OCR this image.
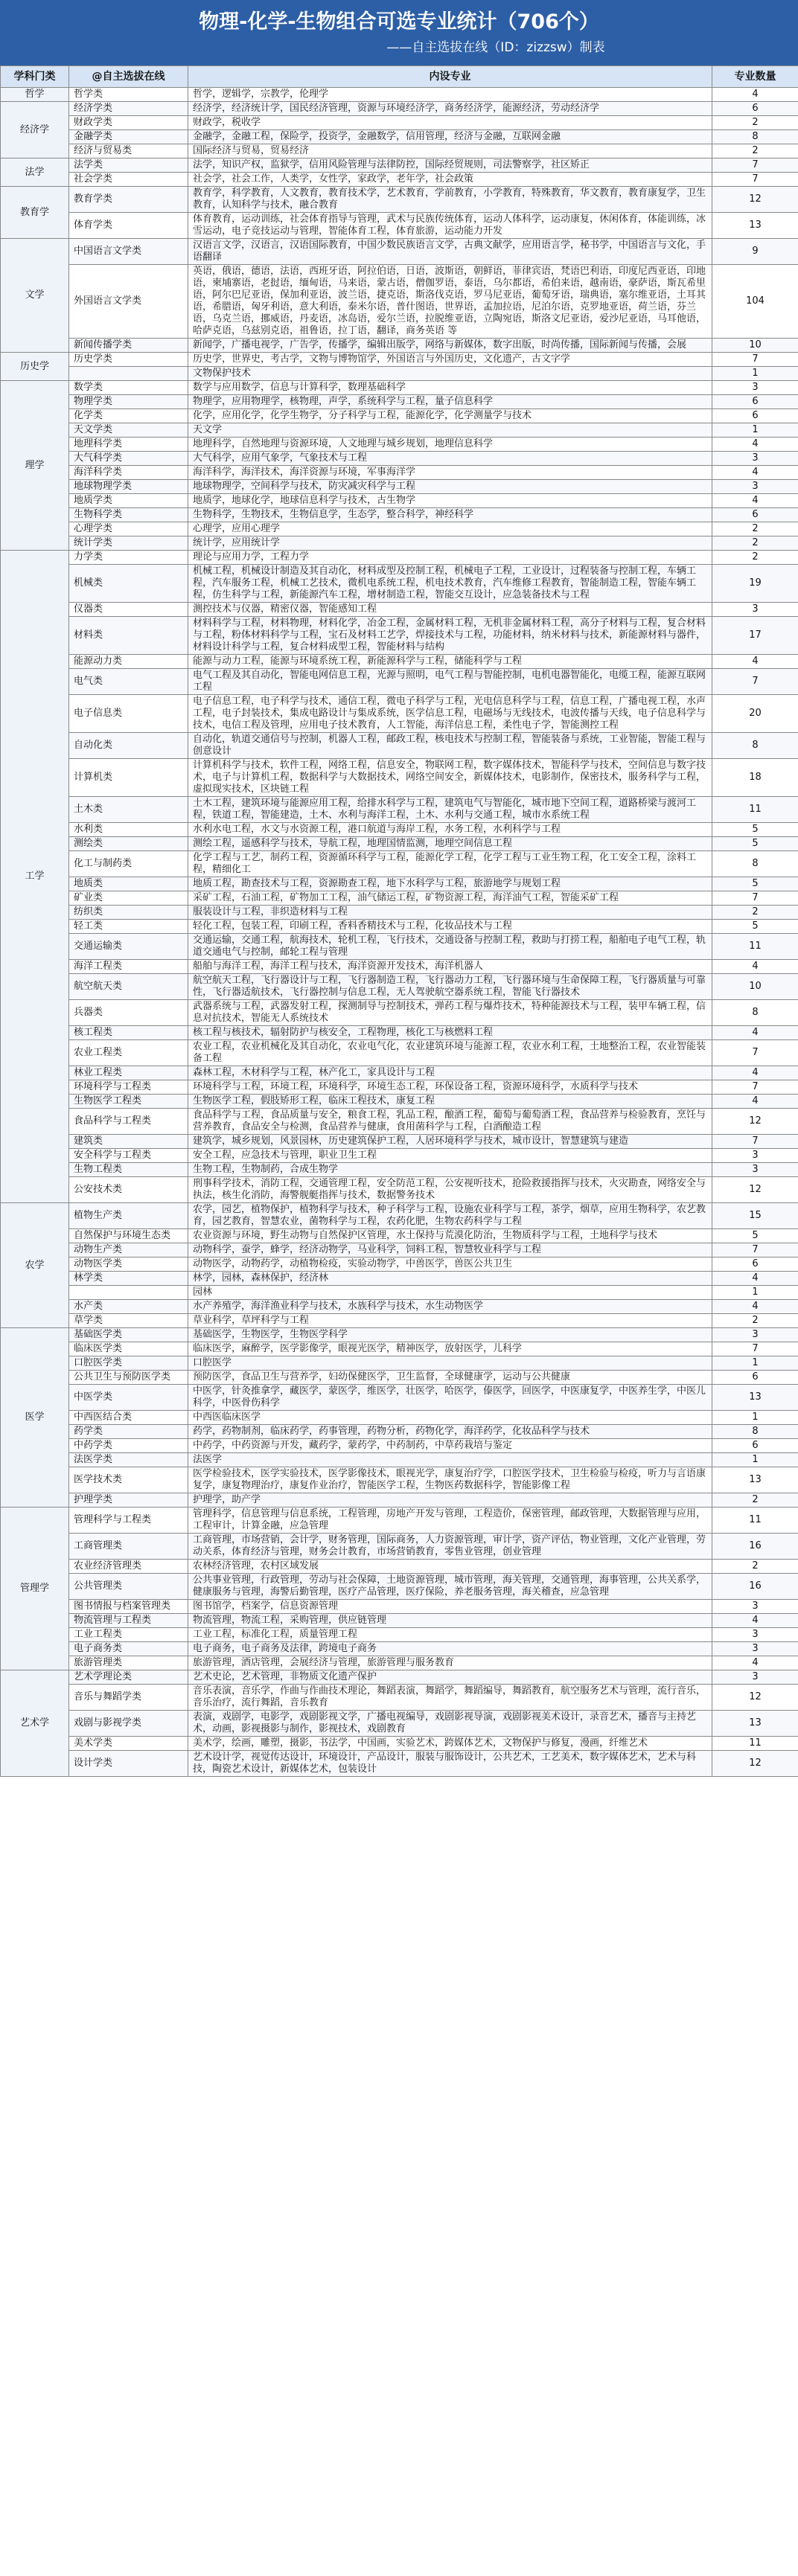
物理-化学-生物组合可选专业统计（706个）
——自主选拔在线（ID：zizzsw）制表
学科门类	@自主选拔在线	内设专业	专业数量
哲学	哲学类	哲学，逻辑学，宗教学，伦理学	4
经济学	经济学类	经济学，经济统计学，国民经济管理，资源与环境经济学，商务经济学，能源经济，劳动经济学	6
	财政学类	财政学，税收学	2
	金融学类	金融学，金融工程，保险学，投资学，金融数学，信用管理，经济与金融，互联网金融	8
	经济与贸易类	国际经济与贸易，贸易经济	2
法学	法学类	法学，知识产权，监狱学，信用风险管理与法律防控，国际经贸规则，司法警察学，社区矫正	7
	社会学类	社会学，社会工作，人类学，女性学，家政学，老年学，社会政策	7
教育学	教育学类	教育学，科学教育，人文教育，教育技术学，艺术教育，学前教育，小学教育，特殊教育，华文教育，教育康复学，卫生教育，认知科学与技术，融合教育	12
	体育学类	体育教育，运动训练，社会体育指导与管理，武术与民族传统体育，运动人体科学，运动康复，休闲体育，体能训练，冰雪运动，电子竞技运动与管理，智能体育工程，体育旅游，运动能力开发	13
文学	中国语言文学类	汉语言文学，汉语言，汉语国际教育，中国少数民族语言文学，古典文献学，应用语言学，秘书学，中国语言与文化，手语翻译	9
	外国语言文学类	英语，俄语，德语，法语，西班牙语，阿拉伯语，日语，波斯语，朝鲜语，菲律宾语，梵语巴利语，印度尼西亚语，印地语，柬埔寨语，老挝语，缅甸语，马来语，蒙古语，僧伽罗语，泰语，乌尔都语，希伯来语，越南语，豪萨语，斯瓦希里语，阿尔巴尼亚语，保加利亚语，波兰语，捷克语，斯洛伐克语，罗马尼亚语，葡萄牙语，瑞典语，塞尔维亚语，土耳其语，希腊语，匈牙利语，意大利语，泰米尔语，普什图语，世界语，孟加拉语，尼泊尔语，克罗地亚语，荷兰语，芬兰语，乌克兰语，挪威语，丹麦语，冰岛语，爱尔兰语，拉脱维亚语，立陶宛语，斯洛文尼亚语，爱沙尼亚语，马耳他语，哈萨克语，乌兹别克语，祖鲁语，拉丁语，翻译，商务英语 等	104
	新闻传播学类	新闻学，广播电视学，广告学，传播学，编辑出版学，网络与新媒体，数字出版，时尚传播，国际新闻与传播，会展	10
历史学	历史学类	历史学，世界史，考古学，文物与博物馆学，外国语言与外国历史，文化遗产，古文字学	7
		文物保护技术	1
理学	数学类	数学与应用数学，信息与计算科学，数理基础科学	3
	物理学类	物理学，应用物理学，核物理，声学，系统科学与工程，量子信息科学	6
	化学类	化学，应用化学，化学生物学，分子科学与工程，能源化学，化学测量学与技术	6
	天文学类	天文学	1
	地理科学类	地理科学，自然地理与资源环境，人文地理与城乡规划，地理信息科学	4
	大气科学类	大气科学，应用气象学，气象技术与工程	3
	海洋科学类	海洋科学，海洋技术，海洋资源与环境，军事海洋学	4
	地球物理学类	地球物理学，空间科学与技术，防灾减灾科学与工程	3
	地质学类	地质学，地球化学，地球信息科学与技术，古生物学	4
	生物科学类	生物科学，生物技术，生物信息学，生态学，整合科学，神经科学	6
	心理学类	心理学，应用心理学	2
	统计学类	统计学，应用统计学	2
工学	力学类	理论与应用力学，工程力学	2
	机械类	机械工程，机械设计制造及其自动化，材料成型及控制工程，机械电子工程，工业设计，过程装备与控制工程，车辆工程，汽车服务工程，机械工艺技术，微机电系统工程，机电技术教育，汽车维修工程教育，智能制造工程，智能车辆工程，仿生科学与工程，新能源汽车工程，增材制造工程，智能交互设计，应急装备技术与工程	19
	仪器类	测控技术与仪器，精密仪器，智能感知工程	3
	材料类	材料科学与工程，材料物理，材料化学，冶金工程，金属材料工程，无机非金属材料工程，高分子材料与工程，复合材料与工程，粉体材料科学与工程，宝石及材料工艺学，焊接技术与工程，功能材料，纳米材料与技术，新能源材料与器件，材料设计科学与工程，复合材料成型工程，智能材料与结构	17
	能源动力类	能源与动力工程，能源与环境系统工程，新能源科学与工程，储能科学与工程	4
	电气类	电气工程及其自动化，智能电网信息工程，光源与照明，电气工程与智能控制，电机电器智能化，电缆工程，能源互联网工程	7
	电子信息类	电子信息工程，电子科学与技术，通信工程，微电子科学与工程，光电信息科学与工程，信息工程，广播电视工程，水声工程，电子封装技术，集成电路设计与集成系统，医学信息工程，电磁场与无线技术，电波传播与天线，电子信息科学与技术，电信工程及管理，应用电子技术教育，人工智能，海洋信息工程，柔性电子学，智能测控工程	20
	自动化类	自动化，轨道交通信号与控制，机器人工程，邮政工程，核电技术与控制工程，智能装备与系统，工业智能，智能工程与创意设计	8
	计算机类	计算机科学与技术，软件工程，网络工程，信息安全，物联网工程，数字媒体技术，智能科学与技术，空间信息与数字技术，电子与计算机工程，数据科学与大数据技术，网络空间安全，新媒体技术，电影制作，保密技术，服务科学与工程，虚拟现实技术，区块链工程	18
	土木类	土木工程，建筑环境与能源应用工程，给排水科学与工程，建筑电气与智能化，城市地下空间工程，道路桥梁与渡河工程，铁道工程，智能建造，土木、水利与海洋工程，土木、水利与交通工程，城市水系统工程	11
	水利类	水利水电工程，水文与水资源工程，港口航道与海岸工程，水务工程，水利科学与工程	5
	测绘类	测绘工程，遥感科学与技术，导航工程，地理国情监测，地理空间信息工程	5
	化工与制药类	化学工程与工艺，制药工程，资源循环科学与工程，能源化学工程，化学工程与工业生物工程，化工安全工程，涂料工程，精细化工	8
	地质类	地质工程，勘查技术与工程，资源勘查工程，地下水科学与工程，旅游地学与规划工程	5
	矿业类	采矿工程，石油工程，矿物加工工程，油气储运工程，矿物资源工程，海洋油气工程，智能采矿工程	7
	纺织类	服装设计与工程，非织造材料与工程	2
	轻工类	轻化工程，包装工程，印刷工程，香料香精技术与工程，化妆品技术与工程	5
	交通运输类	交通运输，交通工程，航海技术，轮机工程，飞行技术，交通设备与控制工程，救助与打捞工程，船舶电子电气工程，轨道交通电气与控制，邮轮工程与管理	11
	海洋工程类	船舶与海洋工程，海洋工程与技术，海洋资源开发技术，海洋机器人	4
	航空航天类	航空航天工程，飞行器设计与工程，飞行器制造工程，飞行器动力工程，飞行器环境与生命保障工程，飞行器质量与可靠性，飞行器适航技术，飞行器控制与信息工程，无人驾驶航空器系统工程，智能飞行器技术	10
	兵器类	武器系统与工程，武器发射工程，探测制导与控制技术，弹药工程与爆炸技术，特种能源技术与工程，装甲车辆工程，信息对抗技术，智能无人系统技术	8
	核工程类	核工程与核技术，辐射防护与核安全，工程物理，核化工与核燃料工程	4
	农业工程类	农业工程，农业机械化及其自动化，农业电气化，农业建筑环境与能源工程，农业水利工程，土地整治工程，农业智能装备工程	7
	林业工程类	森林工程，木材科学与工程，林产化工，家具设计与工程	4
	环境科学与工程类	环境科学与工程，环境工程，环境科学，环境生态工程，环保设备工程，资源环境科学，水质科学与技术	7
	生物医学工程类	生物医学工程，假肢矫形工程，临床工程技术，康复工程	4
	食品科学与工程类	食品科学与工程，食品质量与安全，粮食工程，乳品工程，酿酒工程，葡萄与葡萄酒工程，食品营养与检验教育，烹饪与营养教育，食品安全与检测，食品营养与健康，食用菌科学与工程，白酒酿造工程	12
	建筑类	建筑学，城乡规划，风景园林，历史建筑保护工程，人居环境科学与技术，城市设计，智慧建筑与建造	7
	安全科学与工程类	安全工程，应急技术与管理，职业卫生工程	3
	生物工程类	生物工程，生物制药，合成生物学	3
	公安技术类	刑事科学技术，消防工程，交通管理工程，安全防范工程，公安视听技术，抢险救援指挥与技术，火灾勘查，网络安全与执法，核生化消防，海警舰艇指挥与技术，数据警务技术	12
农学	植物生产类	农学，园艺，植物保护，植物科学与技术，种子科学与工程，设施农业科学与工程，茶学，烟草，应用生物科学，农艺教育，园艺教育，智慧农业，菌物科学与工程，农药化肥，生物农药科学与工程	15
	自然保护与环境生态类	农业资源与环境，野生动物与自然保护区管理，水土保持与荒漠化防治，生物质科学与工程，土地科学与技术	5
	动物生产类	动物科学，蚕学，蜂学，经济动物学，马业科学，饲料工程，智慧牧业科学与工程	7
	动物医学类	动物医学，动物药学，动植物检疫，实验动物学，中兽医学，兽医公共卫生	6
	林学类	林学，园林，森林保护，经济林	4
		园林	1
	水产类	水产养殖学，海洋渔业科学与技术，水族科学与技术，水生动物医学	4
	草学类	草业科学，草坪科学与工程	2
医学	基础医学类	基础医学，生物医学，生物医学科学	3
	临床医学类	临床医学，麻醉学，医学影像学，眼视光医学，精神医学，放射医学，儿科学	7
	口腔医学类	口腔医学	1
	公共卫生与预防医学类	预防医学，食品卫生与营养学，妇幼保健医学，卫生监督，全球健康学，运动与公共健康	6
	中医学类	中医学，针灸推拿学，藏医学，蒙医学，维医学，壮医学，哈医学，傣医学，回医学，中医康复学，中医养生学，中医儿科学，中医骨伤科学	13
	中西医结合类	中西医临床医学	1
	药学类	药学，药物制剂，临床药学，药事管理，药物分析，药物化学，海洋药学，化妆品科学与技术	8
	中药学类	中药学，中药资源与开发，藏药学，蒙药学，中药制药，中草药栽培与鉴定	6
	法医学类	法医学	1
	医学技术类	医学检验技术，医学实验技术，医学影像技术，眼视光学，康复治疗学，口腔医学技术，卫生检验与检疫，听力与言语康复学，康复物理治疗，康复作业治疗，智能医学工程，生物医药数据科学，智能影像工程	13
	护理学类	护理学，助产学	2
管理学	管理科学与工程类	管理科学，信息管理与信息系统，工程管理，房地产开发与管理，工程造价，保密管理，邮政管理，大数据管理与应用，工程审计，计算金融，应急管理	11
	工商管理类	工商管理，市场营销，会计学，财务管理，国际商务，人力资源管理，审计学，资产评估，物业管理，文化产业管理，劳动关系，体育经济与管理，财务会计教育，市场营销教育，零售业管理，创业管理	16
	农业经济管理类	农林经济管理，农村区域发展	2
	公共管理类	公共事业管理，行政管理，劳动与社会保障，土地资源管理，城市管理，海关管理，交通管理，海事管理，公共关系学，健康服务与管理，海警后勤管理，医疗产品管理，医疗保险，养老服务管理，海关稽查，应急管理	16
	图书情报与档案管理类	图书馆学，档案学，信息资源管理	3
	物流管理与工程类	物流管理，物流工程，采购管理，供应链管理	4
	工业工程类	工业工程，标准化工程，质量管理工程	3
	电子商务类	电子商务，电子商务及法律，跨境电子商务	3
	旅游管理类	旅游管理，酒店管理，会展经济与管理，旅游管理与服务教育	4
艺术学	艺术学理论类	艺术史论，艺术管理，非物质文化遗产保护	3
	音乐与舞蹈学类	音乐表演，音乐学，作曲与作曲技术理论，舞蹈表演，舞蹈学，舞蹈编导，舞蹈教育，航空服务艺术与管理，流行音乐，音乐治疗，流行舞蹈，音乐教育	12
	戏剧与影视学类	表演，戏剧学，电影学，戏剧影视文学，广播电视编导，戏剧影视导演，戏剧影视美术设计，录音艺术，播音与主持艺术，动画，影视摄影与制作，影视技术，戏剧教育	13
	美术学类	美术学，绘画，雕塑，摄影，书法学，中国画，实验艺术，跨媒体艺术，文物保护与修复，漫画，纤维艺术	11
	设计学类	艺术设计学，视觉传达设计，环境设计，产品设计，服装与服饰设计，公共艺术，工艺美术，数字媒体艺术，艺术与科技，陶瓷艺术设计，新媒体艺术，包装设计	12
